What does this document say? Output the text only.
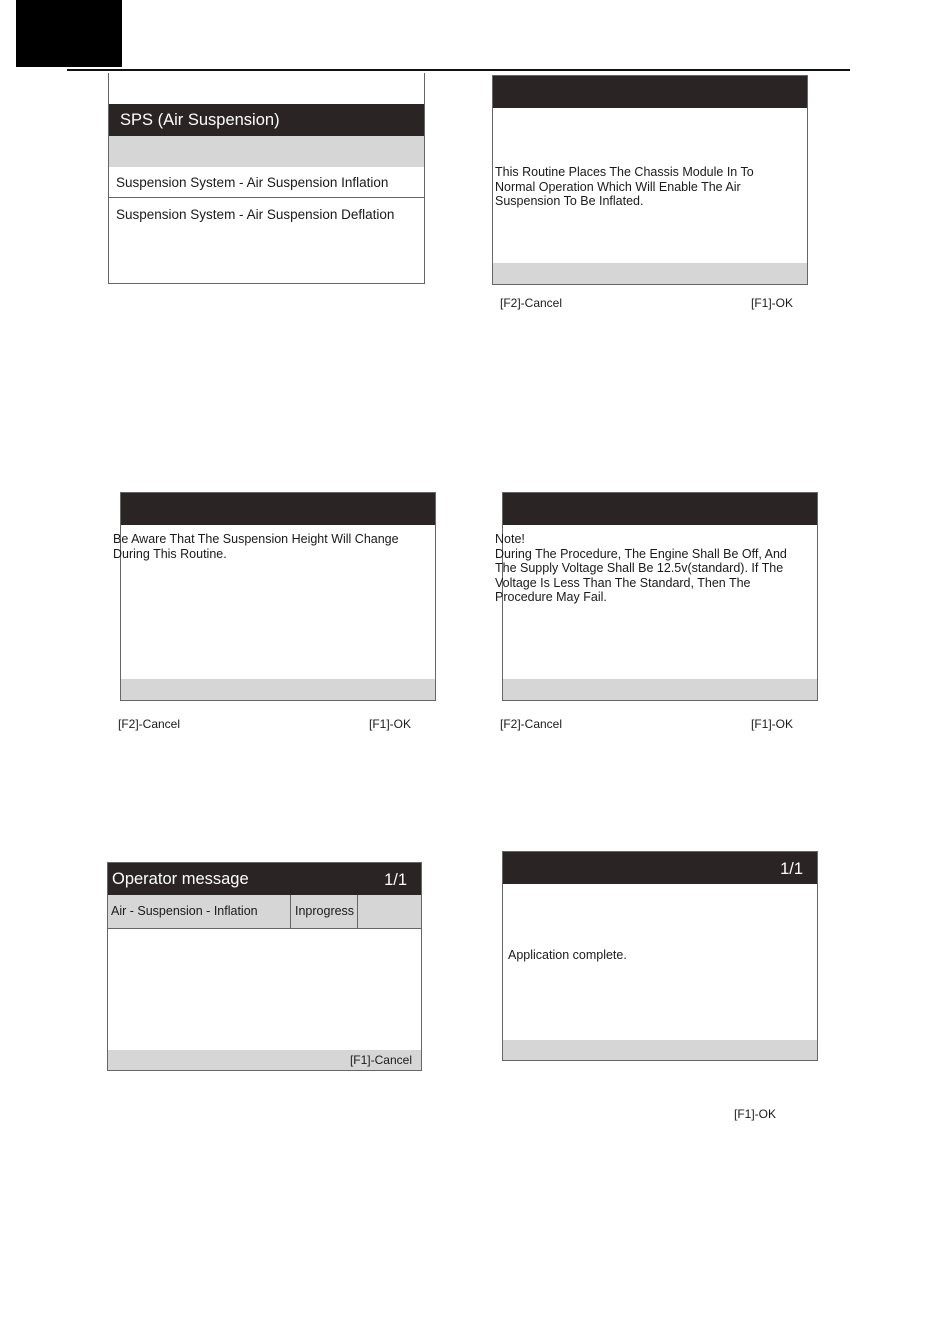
SPS (Air Suspension)
Suspension System - Air Suspension Inflation
Suspension System - Air Suspension Deflation
This Routine Places The Chassis Module In To
Normal Operation Which Will Enable The Air
Suspension To Be Inflated.
[F2]-Cancel	[F1]-OK
Be Aware That The Suspension Height Will Change
During This Routine.
[F2]-Cancel	[F1]-OK
Note!
During The Procedure, The Engine Shall Be Off, And
The Supply Voltage Shall Be 12.5v(standard). If The
Voltage Is Less Than The Standard, Then The
Procedure May Fail.
[F2]-Cancel	[F1]-OK
Operator message	1/1
Air - Suspension - Inflation	Inprogress
[F1]-Cancel
1/1
Application complete.
[F1]-OK
